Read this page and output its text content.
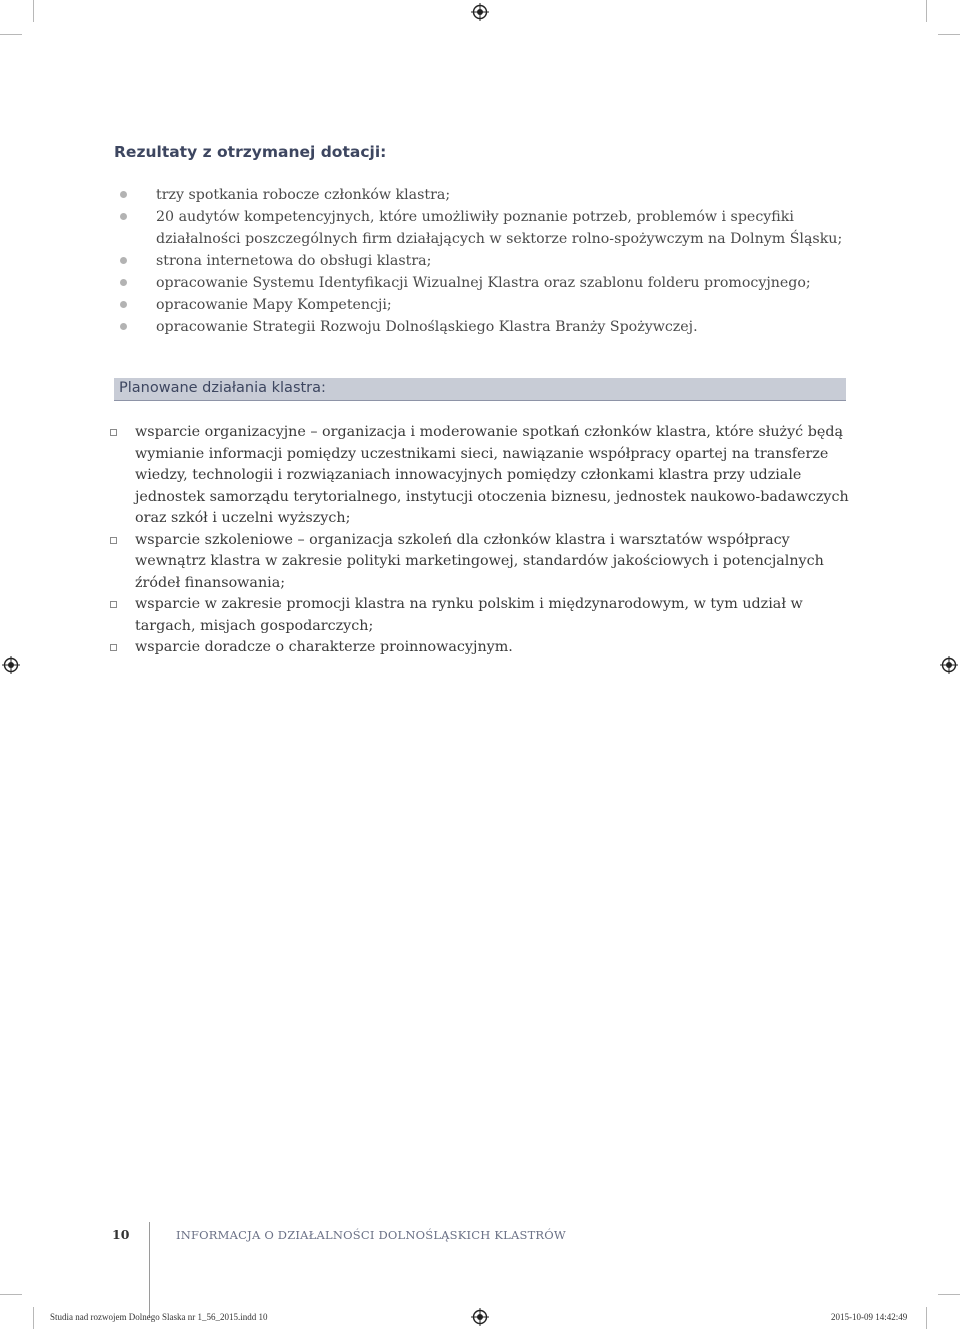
Rezultaty z otrzymanej dotacji:
trzy spotkania robocze członków klastra;
20 audytów kompetencyjnych, które umożliwiły poznanie potrzeb, problemów i specyfiki działalności poszczególnych firm działających w sektorze rolno-spożywczym na Dolnym Śląsku;
strona internetowa do obsługi klastra;
opracowanie Systemu Identyfikacji Wizualnej Klastra oraz szablonu folderu promocyjnego;
opracowanie Mapy Kompetencji;
opracowanie Strategii Rozwoju Dolnośląskiego Klastra Branży Spożywczej.
Planowane działania klastra:
wsparcie organizacyjne – organizacja i moderowanie spotkań członków klastra, które służyć będą wymianie informacji pomiędzy uczestnikami sieci, nawiązanie współpracy opartej na transferze wiedzy, technologii i rozwiązaniach innowacyjnych pomiędzy członkami klastra przy udziale jednostek samorządu terytorialnego, instytucji otoczenia biznesu, jednostek naukowo-badawczych oraz szkół i uczelni wyższych;
wsparcie szkoleniowe – organizacja szkoleń dla członków klastra i warsztatów współpracy wewnątrz klastra w zakresie polityki marketingowej, standardów jakościowych i potencjalnych źródeł finansowania;
wsparcie w zakresie promocji klastra na rynku polskim i międzynarodowym, w tym udział w targach, misjach gospodarczych;
wsparcie doradcze o charakterze proinnowacyjnym.
10	INFORMACJA O DZIAŁALNOŚCI DOLNOŚLĄSKICH KLASTRÓW
Studia nad rozwojem Dolnego Slaska nr 1_56_2015.indd 10	2015-10-09 14:42:49
